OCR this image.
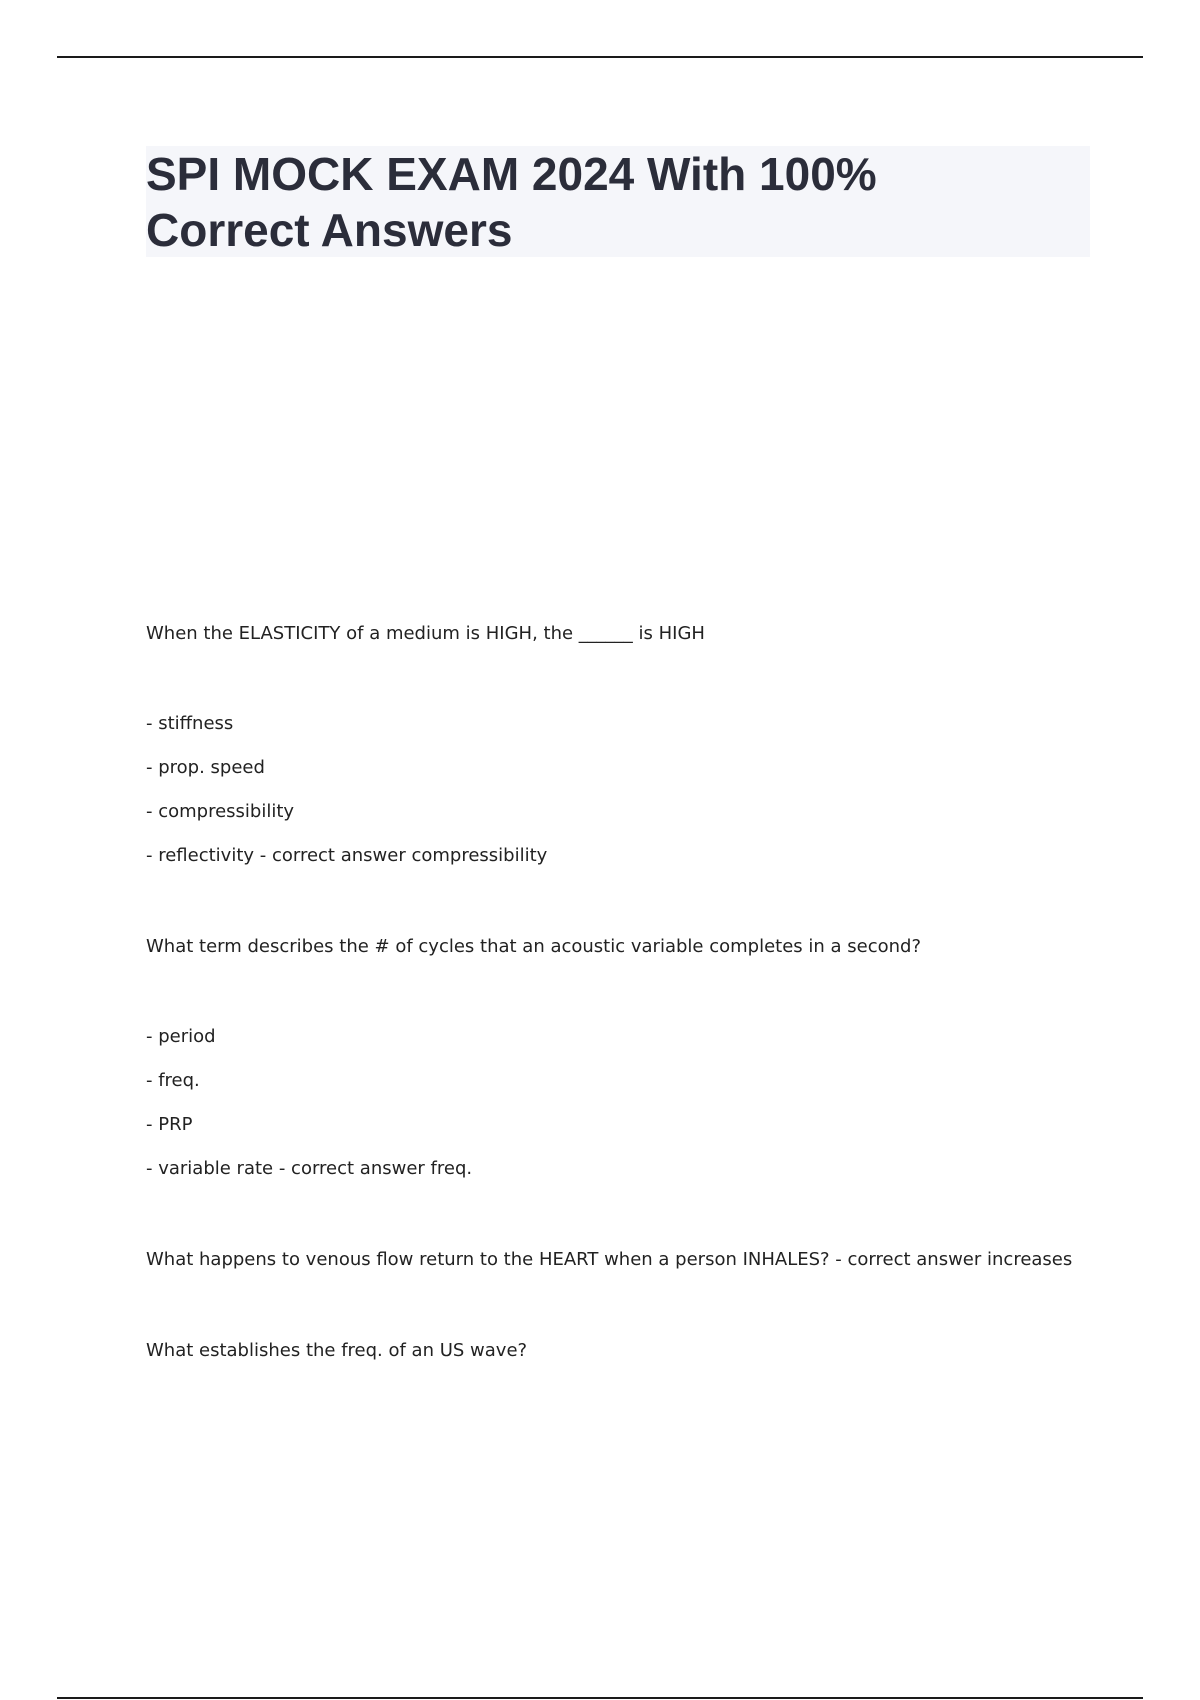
SPI MOCK EXAM 2024 With 100%
Correct Answers

When the ELASTICITY of a medium is HIGH, the ______ is HIGH

- stiffness

- prop. speed

- compressibility

- reflectivity - correct answer compressibility

What term describes the # of cycles that an acoustic variable completes in a second?

- period

- freq.

- PRP

- variable rate - correct answer freq.

What happens to venous flow return to the HEART when a person INHALES? - correct answer increases

What establishes the freq. of an US wave?
